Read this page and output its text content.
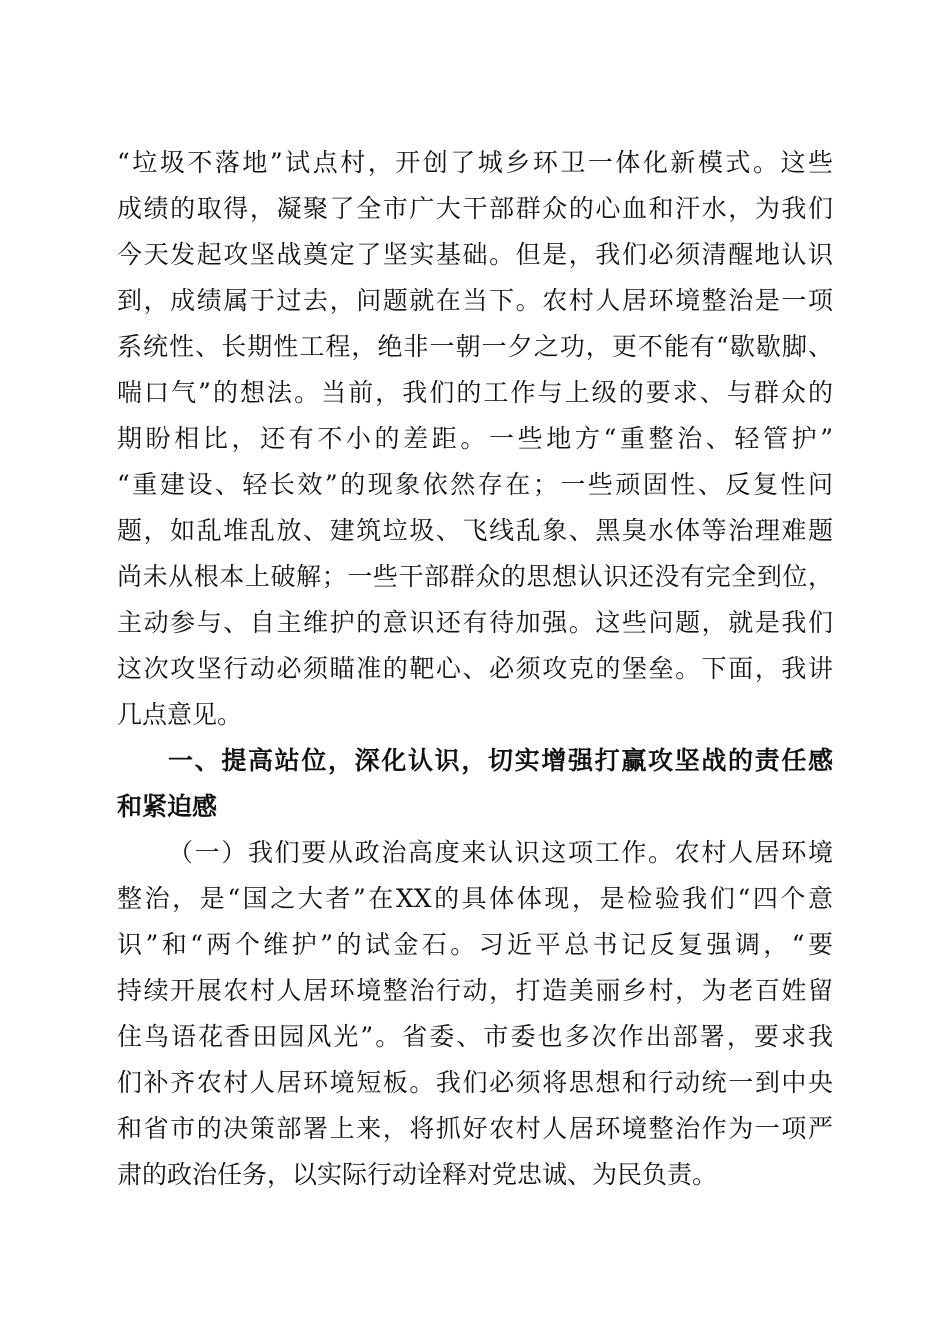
“垃圾不落地”试点村，开创了城乡环卫一体化新模式。这些
成绩的取得，凝聚了全市广大干部群众的心血和汗水，为我们
今天发起攻坚战奠定了坚实基础。但是，我们必须清醒地认识
到，成绩属于过去，问题就在当下。农村人居环境整治是一项
系统性、长期性工程，绝非一朝一夕之功，更不能有“歇歇脚、
喘口气”的想法。当前，我们的工作与上级的要求、与群众的
期盼相比，还有不小的差距。一些地方“重整治、轻管护”
“重建设、轻长效”的现象依然存在；一些顽固性、反复性问
题，如乱堆乱放、建筑垃圾、飞线乱象、黑臭水体等治理难题
尚未从根本上破解；一些干部群众的思想认识还没有完全到位，
主动参与、自主维护的意识还有待加强。这些问题，就是我们
这次攻坚行动必须瞄准的靶心、必须攻克的堡垒。下面，我讲
几点意见。
一、提高站位，深化认识，切实增强打赢攻坚战的责任感
和紧迫感
（一）我们要从政治高度来认识这项工作。农村人居环境
整治，是“国之大者”在XX的具体体现，是检验我们“四个意
识”和“两个维护”的试金石。习近平总书记反复强调，“要
持续开展农村人居环境整治行动，打造美丽乡村，为老百姓留
住鸟语花香田园风光”。省委、市委也多次作出部署，要求我
们补齐农村人居环境短板。我们必须将思想和行动统一到中央
和省市的决策部署上来，将抓好农村人居环境整治作为一项严
肃的政治任务，以实际行动诠释对党忠诚、为民负责。
